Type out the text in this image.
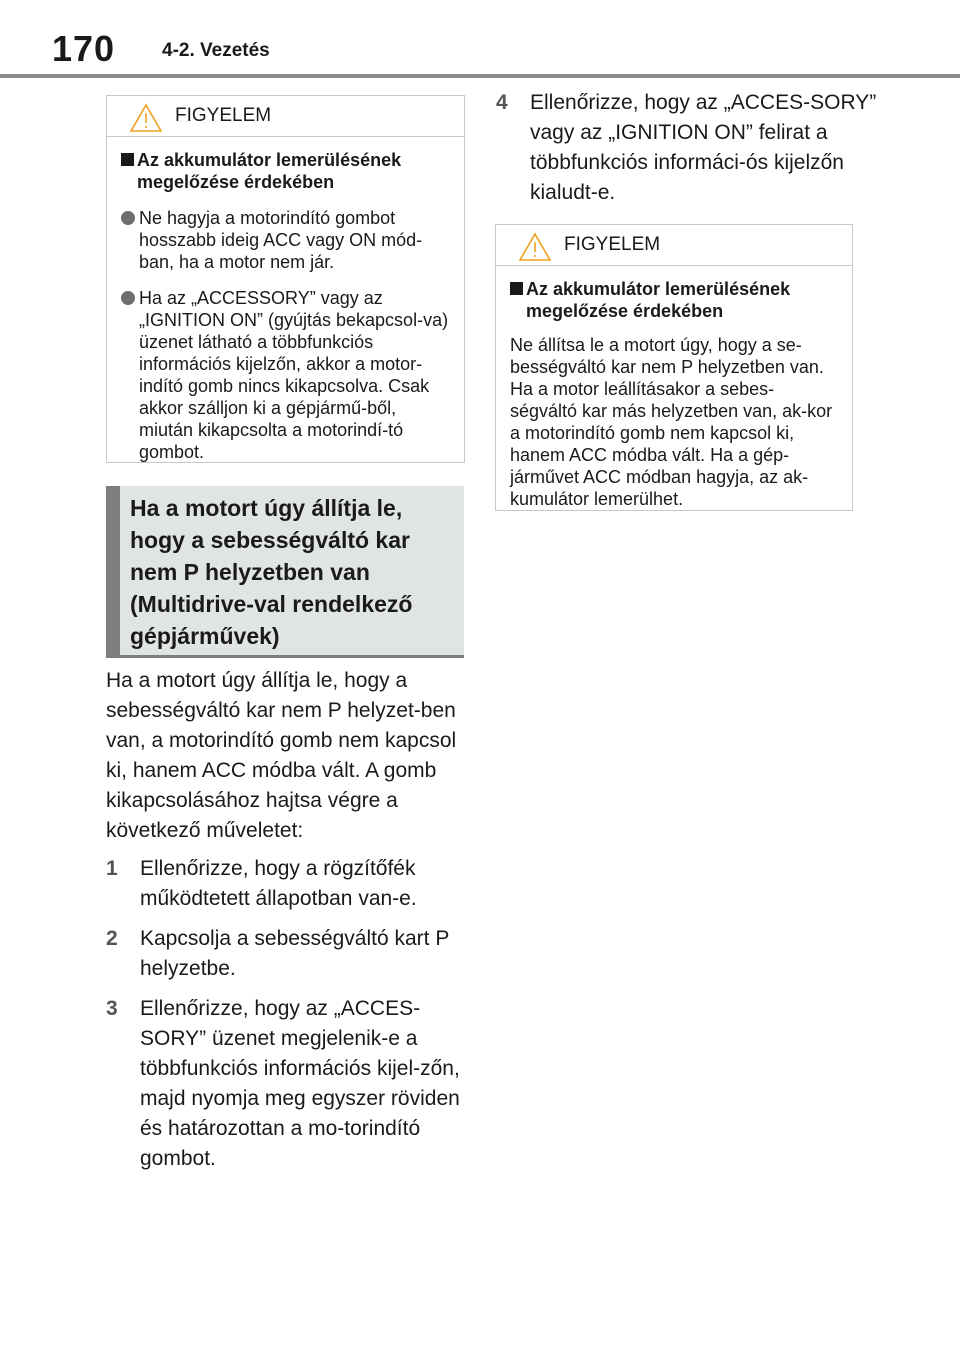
170 4-2. Vezetés
FIGYELEM
Az akkumulátor lemerülésének megelőzése érdekében
Ne hagyja a motorindító gombot hosszabb ideig ACC vagy ON mód-ban, ha a motor nem jár.
Ha az „ACCESSORY” vagy az „IGNITION ON” (gyújtás bekapcsol-va) üzenet látható a többfunkciós információs kijelzőn, akkor a motor-indító gomb nincs kikapcsolva. Csak akkor szálljon ki a gépjármű-ből, miután kikapcsolta a motorindí-tó gombot.
Ha a motort úgy állítja le, hogy a sebességváltó kar nem P helyzetben van (Multidrive-val rendelkező gépjárművek)
Ha a motort úgy állítja le, hogy a sebességváltó kar nem P helyzet-ben van, a motorindító gomb nem kapcsol ki, hanem ACC módba vált. A gomb kikapcsolásához hajtsa végre a következő műveletet:
1 Ellenőrizze, hogy a rögzítőfék működtetett állapotban van-e.
2 Kapcsolja a sebességváltó kart P helyzetbe.
3 Ellenőrizze, hogy az „ACCES-SORY” üzenet megjelenik-e a többfunkciós információs kijel-zőn, majd nyomja meg egyszer röviden és határozottan a mo-torindító gombot.
4 Ellenőrizze, hogy az „ACCES-SORY” vagy az „IGNITION ON” felirat a többfunkciós informáci-ós kijelzőn kialudt-e.
FIGYELEM
Az akkumulátor lemerülésének megelőzése érdekében
Ne állítsa le a motort úgy, hogy a se-bességváltó kar nem P helyzetben van. Ha a motor leállításakor a sebes-ségváltó kar más helyzetben van, ak-kor a motorindító gomb nem kapcsol ki, hanem ACC módba vált. Ha a gép-járművet ACC módban hagyja, az ak-kumulátor lemerülhet.
